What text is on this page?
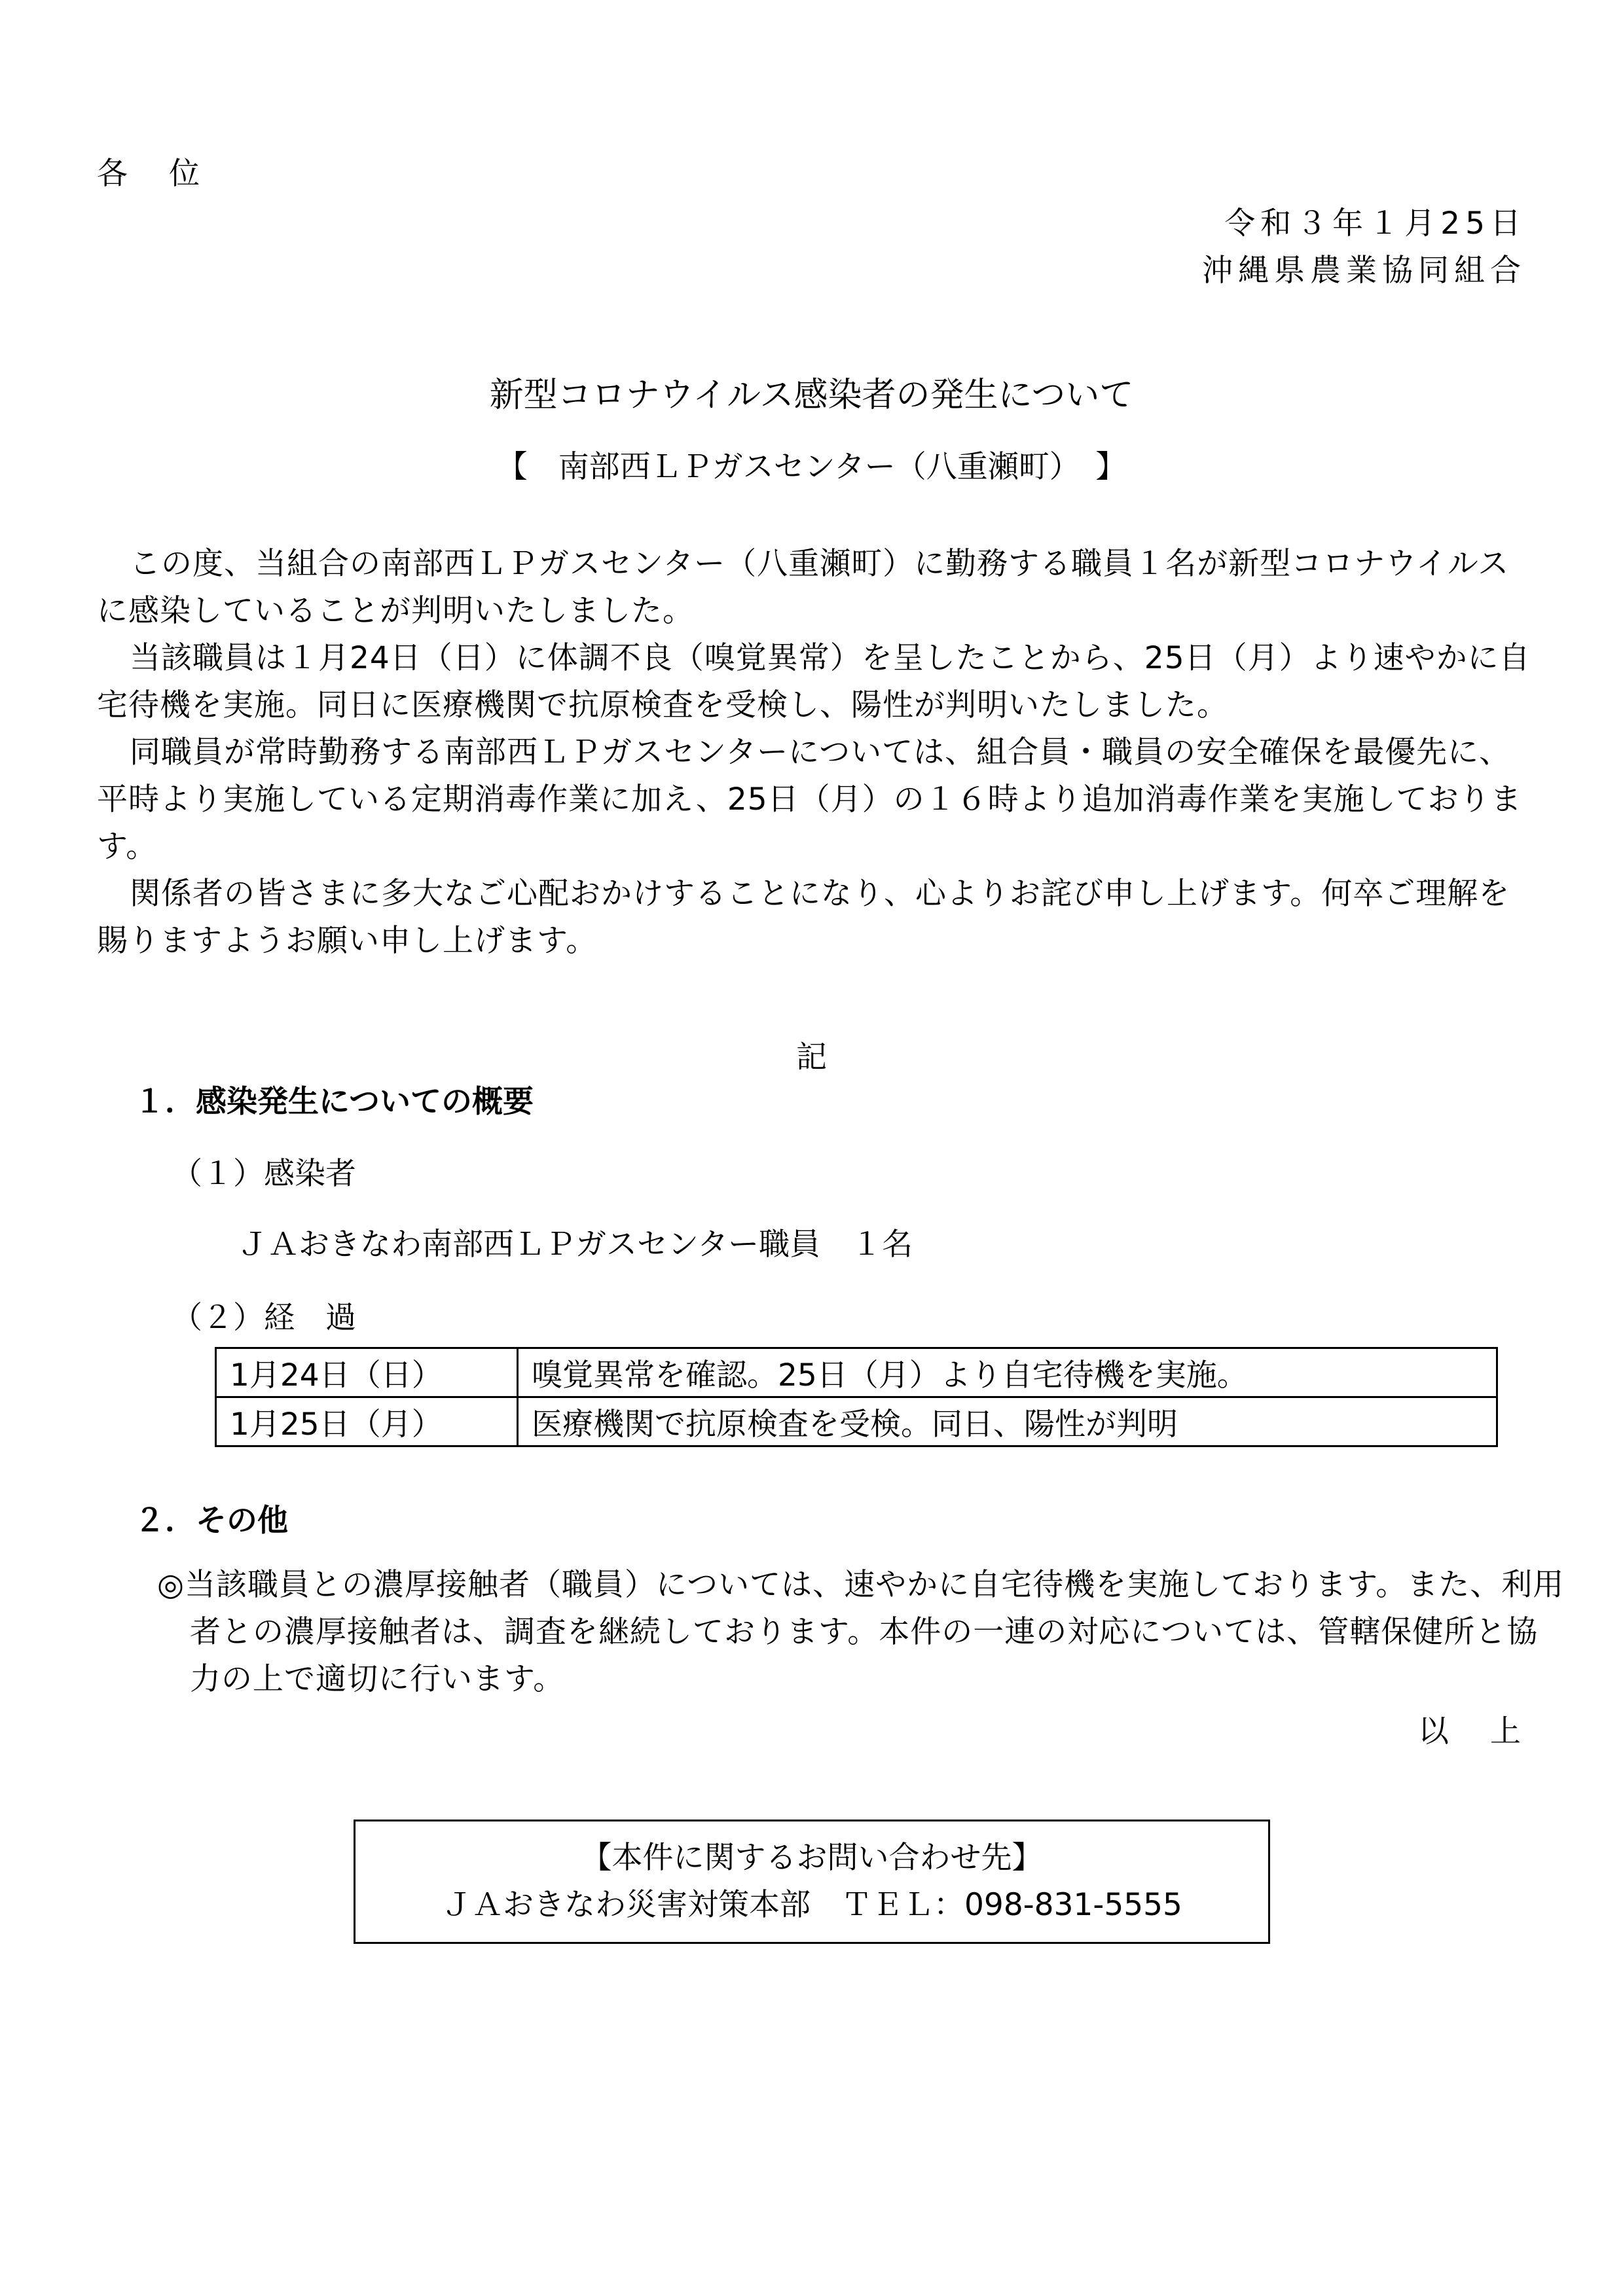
各　位
令和３年１月25日
沖縄県農業協同組合
新型コロナウイルス感染者の発生について
【　南部西ＬＰガスセンター（八重瀬町）　】

この度、当組合の南部西ＬＰガスセンター（八重瀬町）に勤務する職員１名が新型コロナウイルスに感染していることが判明いたしました。

当該職員は１月24日（日）に体調不良（嗅覚異常）を呈したことから、25日（月）より速やかに自宅待機を実施。同日に医療機関で抗原検査を受検し、陽性が判明いたしました。

同職員が常時勤務する南部西ＬＰガスセンターについては、組合員・職員の安全確保を最優先に、平時より実施している定期消毒作業に加え、25日（月）の１６時より追加消毒作業を実施しております。

関係者の皆さまに多大なご心配おかけすることになり、心よりお詫び申し上げます。何卒ご理解を賜りますようお願い申し上げます。

記
１．感染発生についての概要
（１）感染者
ＪＡおきなわ南部西ＬＰガスセンター職員　１名
（２）経　過
1月24日（日）	嗅覚異常を確認。25日（月）より自宅待機を実施。
1月25日（月）	医療機関で抗原検査を受検。同日、陽性が判明
２．その他
◎当該職員との濃厚接触者（職員）については、速やかに自宅待機を実施しております。また、利用者との濃厚接触者は、調査を継続しております。本件の一連の対応については、管轄保健所と協力の上で適切に行います。
以　上
【本件に関するお問い合わせ先】
ＪＡおきなわ災害対策本部　ＴＥＬ：098-831-5555
